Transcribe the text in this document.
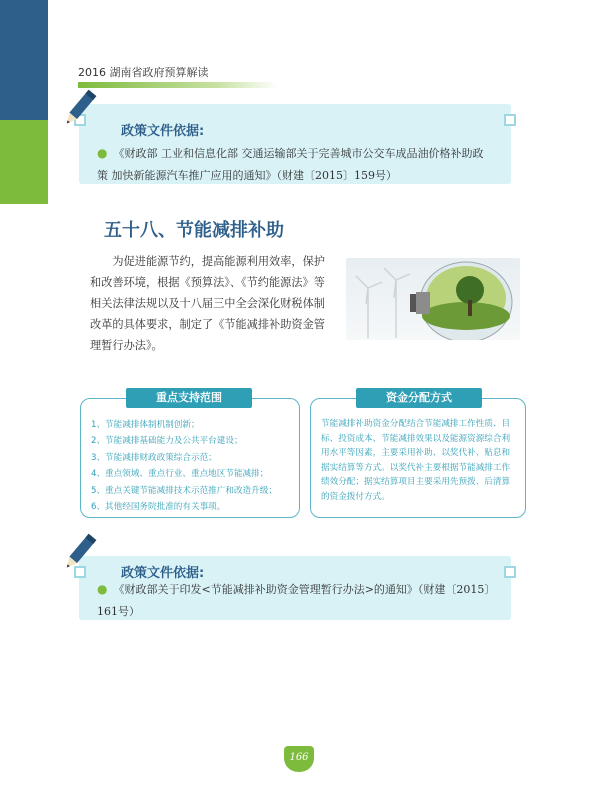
2016 湖南省政府预算解读
政策文件依据:
● 《财政部 工业和信息化部 交通运输部关于完善城市公交车成品油价格补助政策 加快新能源汽车推广应用的通知》（财建〔2015〕159号）
五十八、节能减排补助
为促进能源节约，提高能源利用效率，保护和改善环境，根据《预算法》、《节约能源法》等相关法律法规以及十八届三中全会深化财税体制改革的具体要求，制定了《节能减排补助资金管理暂行办法》。
1、节能减排体制机制创新；
2、节能减排基础能力及公共平台建设；
3、节能减排财政政策综合示范；
4、重点领域、重点行业、重点地区节能减排；
5、重点关键节能减排技术示范推广和改造升级；
6、其他经国务院批准的有关事项。
重点支持范围
节能减排补助资金分配结合节能减排工作性质、目标、投资成本、节能减排效果以及能源资源综合利用水平等因素，主要采用补助、以奖代补、贴息和据实结算等方式。以奖代补主要根据节能减排工作绩效分配；据实结算项目主要采用先预拨、后清算的资金拨付方式。
资金分配方式
政策文件依据:
● 《财政部关于印发<节能减排补助资金管理暂行办法>的通知》（财建〔2015〕161号）
166
